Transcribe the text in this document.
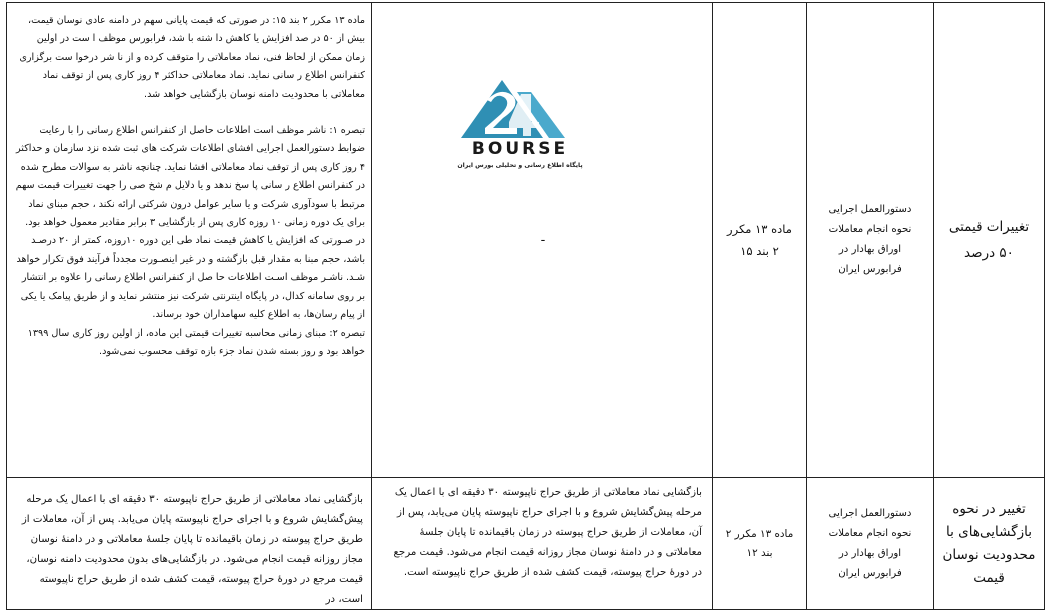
تغییرات قیمتی ۵۰ درصد
دستورالعمل اجرایی نحوه انجام معاملات اوراق بهادار در فرابورس ایران
ماده ۱۳ مکرر ۲ بند ۱۵
-

ماده ۱۳ مکرر ۲ بند ۱۵: در صورتی که قیمت پایانی سهم در دامنه عادی نوسان قیمت، بیش از ۵۰ در صد افزایش یا کاهش دا شته با شد، فرابورس موظف ا ست در اولین زمان ممکن از لحاظ فنی، نماد معاملاتی را متوقف کرده و از نا شر درخوا ست برگزاری کنفرانس اطلاع ر سانی نماید. نماد معاملاتی حداکثر ۴ روز کاری پس از توقف نماد معاملاتی با محدودیت دامنه نوسان بازگشایی خواهد شد.

تبصره ۱: ناشر موظف است اطلاعات حاصل از کنفرانس اطلاع رسانی را با رعایت ضوابط دستورالعمل اجرایی افشای اطلاعات شرکت های ثبت شده نزد سازمان و حداکثر ۴ روز کاری پس از توقف نماد معاملاتی افشا نماید. چنانچه ناشر به سوالات مطرح شده در کنفرانس اطلاع ر سانی پا سخ ندهد و یا دلایل م شخ صی را جهت تغییرات قیمت سهم مرتبط با سودآوری شرکت و یا سایر عوامل درون شرکتی ارائه نکند ، حجم مبنای نماد برای یک دوره زمانی ۱۰ روزه کاری پس از بازگشایی ۳ برابر مقادیر معمول خواهد بود. در صـورتی که افزایش یا کاهش قیمت نماد طی این دوره ۱۰روزه، کمتر از ۲۰ درصـد باشد، حجم مبنا به مقدار قبل بازگشته و در غیر اینصـورت مجدداً فرآیند فوق تکرار خواهد شـد. ناشـر موظف اسـت اطلاعات حا صل از کنفرانس اطلاع رسانی را علاوه بر انتشار بر روی سامانه کدال، در پایگاه اینترنتی شرکت نیز منتشر نماید و از طریق پیامک یا یکی از پیام رسان‌ها، به اطلاع کلیه سهامداران خود برساند.

تبصره ۲: مبنای زمانی محاسبه تغییرات قیمتی این ماده، از اولین روز کاری سال ۱۳۹۹ خواهد بود و روز بسته شدن نماد جزء بازه توقف محسوب نمی‌شود.

تغییر در نحوه بازگشایی‌های با محدودیت نوسان قیمت
دستورالعمل اجرایی نحوه انجام معاملات اوراق بهادار در فرابورس ایران
ماده ۱۳ مکرر ۲ بند ۱۲

بازگشایی نماد معاملاتی از طریق حراج ناپیوسته ۳۰ دقیقه ای با اعمال یک مرحله پیش‌گشایش شروع و با اجرای حراج ناپیوسته پایان می‌یابد، پس از آن، معاملات از طریق حراج پیوسته در زمان باقیمانده تا پایان جلسهٔ معاملاتی و در دامنهٔ نوسان مجاز روزانه قیمت انجام می‌شود. قیمت مرجع در دورهٔ حراج پیوسته، قیمت کشف شده از طریق حراج ناپیوسته است.

بازگشایی نماد معاملاتی از طریق حراج ناپیوسته ۳۰ دقیقه ای با اعمال یک مرحله پیش‌گشایش شروع و با اجرای حراج ناپیوسته پایان می‌یابد. پس از آن، معاملات از طریق حراج پیوسته در زمان باقیمانده تا پایان جلسهٔ معاملاتی و در دامنهٔ نوسان مجاز روزانه قیمت انجام می‌شود. در بازگشایی‌های بدون محدودیت دامنه نوسان، قیمت مرجع در دورهٔ حراج پیوسته، قیمت کشف شده از طریق حراج ناپیوسته است، در

BOURSE
پایگاه اطلاع رسانی و تحلیلی بورس ایران
